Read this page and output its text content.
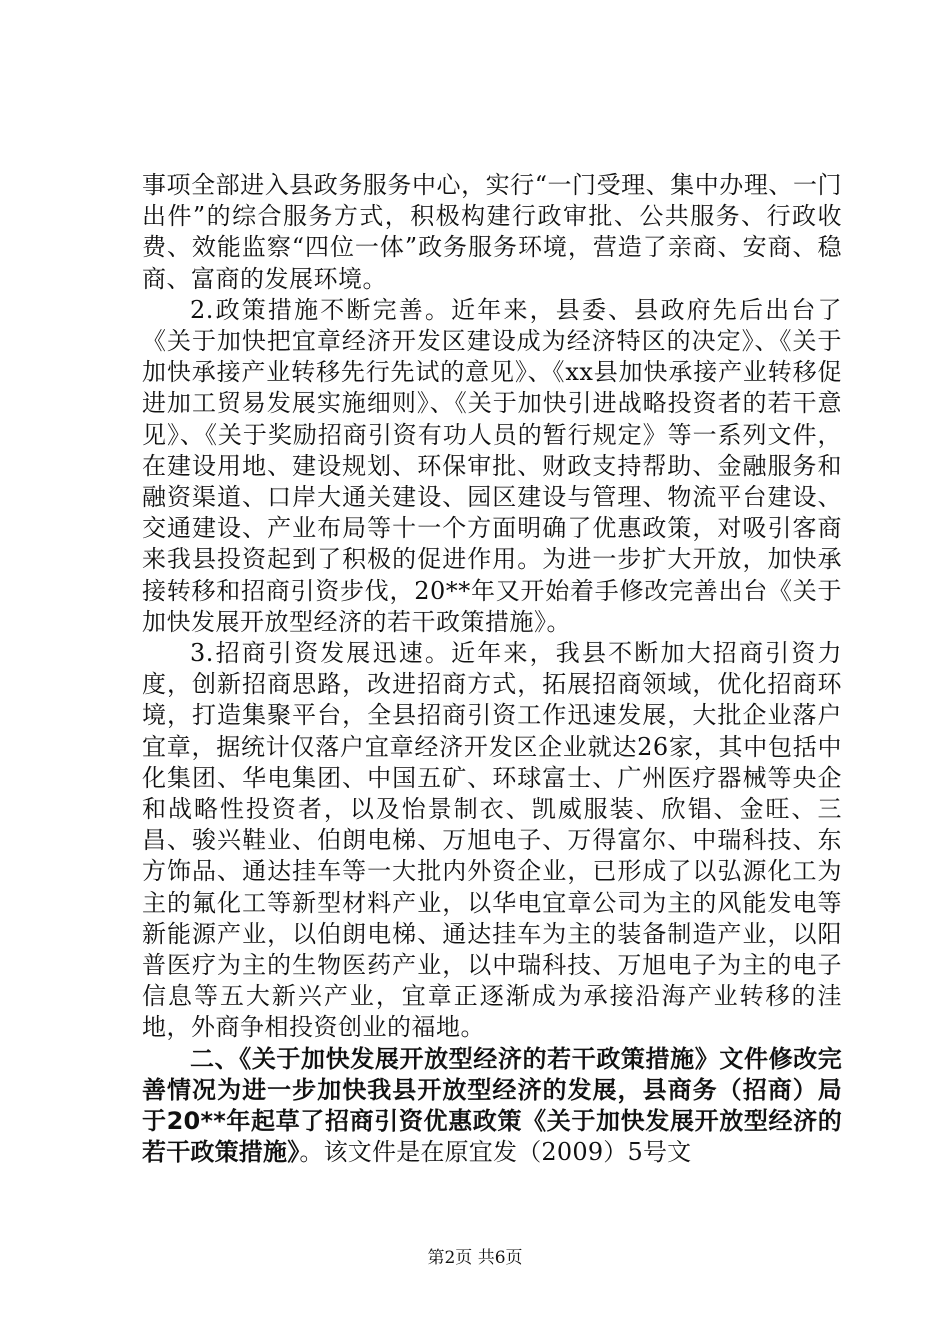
事项全部进入县政务服务中心，实行“一门受理、集中办理、一门出件”的综合服务方式，积极构建行政审批、公共服务、行政收费、效能监察“四位一体”政务服务环境，营造了亲商、安商、稳商、富商的发展环境。

2.政策措施不断完善。近年来，县委、县政府先后出台了《关于加快把宜章经济开发区建设成为经济特区的决定》、《关于加快承接产业转移先行先试的意见》、《xx县加快承接产业转移促进加工贸易发展实施细则》、《关于加快引进战略投资者的若干意见》、《关于奖励招商引资有功人员的暂行规定》等一系列文件，在建设用地、建设规划、环保审批、财政支持帮助、金融服务和融资渠道、口岸大通关建设、园区建设与管理、物流平台建设、交通建设、产业布局等十一个方面明确了优惠政策，对吸引客商来我县投资起到了积极的促进作用。为进一步扩大开放，加快承接转移和招商引资步伐，20**年又开始着手修改完善出台《关于加快发展开放型经济的若干政策措施》。

3.招商引资发展迅速。近年来，我县不断加大招商引资力度，创新招商思路，改进招商方式，拓展招商领域，优化招商环境，打造集聚平台，全县招商引资工作迅速发展，大批企业落户宜章，据统计仅落户宜章经济开发区企业就达26家，其中包括中化集团、华电集团、中国五矿、环球富士、广州医疗器械等央企和战略性投资者，以及怡景制衣、凯威服装、欣锠、金旺、三昌、骏兴鞋业、伯朗电梯、万旭电子、万得富尔、中瑞科技、东方饰品、通达挂车等一大批内外资企业，已形成了以弘源化工为主的氟化工等新型材料产业，以华电宜章公司为主的风能发电等新能源产业，以伯朗电梯、通达挂车为主的装备制造产业，以阳普医疗为主的生物医药产业，以中瑞科技、万旭电子为主的电子信息等五大新兴产业，宜章正逐渐成为承接沿海产业转移的洼地，外商争相投资创业的福地。

二、《关于加快发展开放型经济的若干政策措施》文件修改完善情况为进一步加快我县开放型经济的发展，县商务（招商）局于20**年起草了招商引资优惠政策《关于加快发展开放型经济的若干政策措施》。该文件是在原宜发（2009）5号文

第2页 共6页
